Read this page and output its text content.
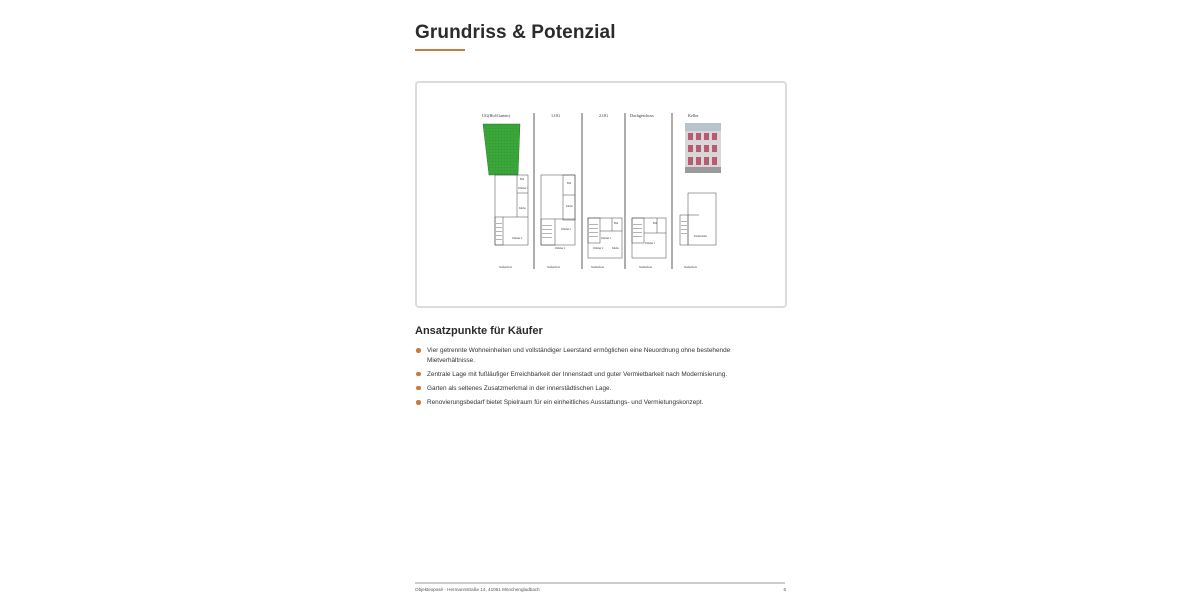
Grundriss & Potenzial
UG(Hof/Garten)	1.OG	2.OG	Dachgeschoss	Keller
Bad
Zimmer 1
Küche
Zimmer 2
Straßenfront
Bad
Küche
Zimmer 1
Zimmer 2
Straßenfront
Bad
Zimmer 1
Küche
Zimmer 2
Straßenfront
Bad
Zimmer 1
Straßenfront
Kellerräume
Straßenfront
Ansatzpunkte für Käufer
Vier getrennte Wohneinheiten und vollständiger Leerstand ermöglichen eine Neuordnung ohne bestehende Mietverhältnisse.
Zentrale Lage mit fußläufiger Erreichbarkeit der Innenstadt und guter Vermietbarkeit nach Modernisierung.
Garten als seltenes Zusatzmerkmal in der innerstädtischen Lage.
Renovierungsbedarf bietet Spielraum für ein einheitliches Ausstattungs- und Vermietungskonzept.
Objektexposé · Hermannstraße 14, 41061 Mönchengladbach	6
